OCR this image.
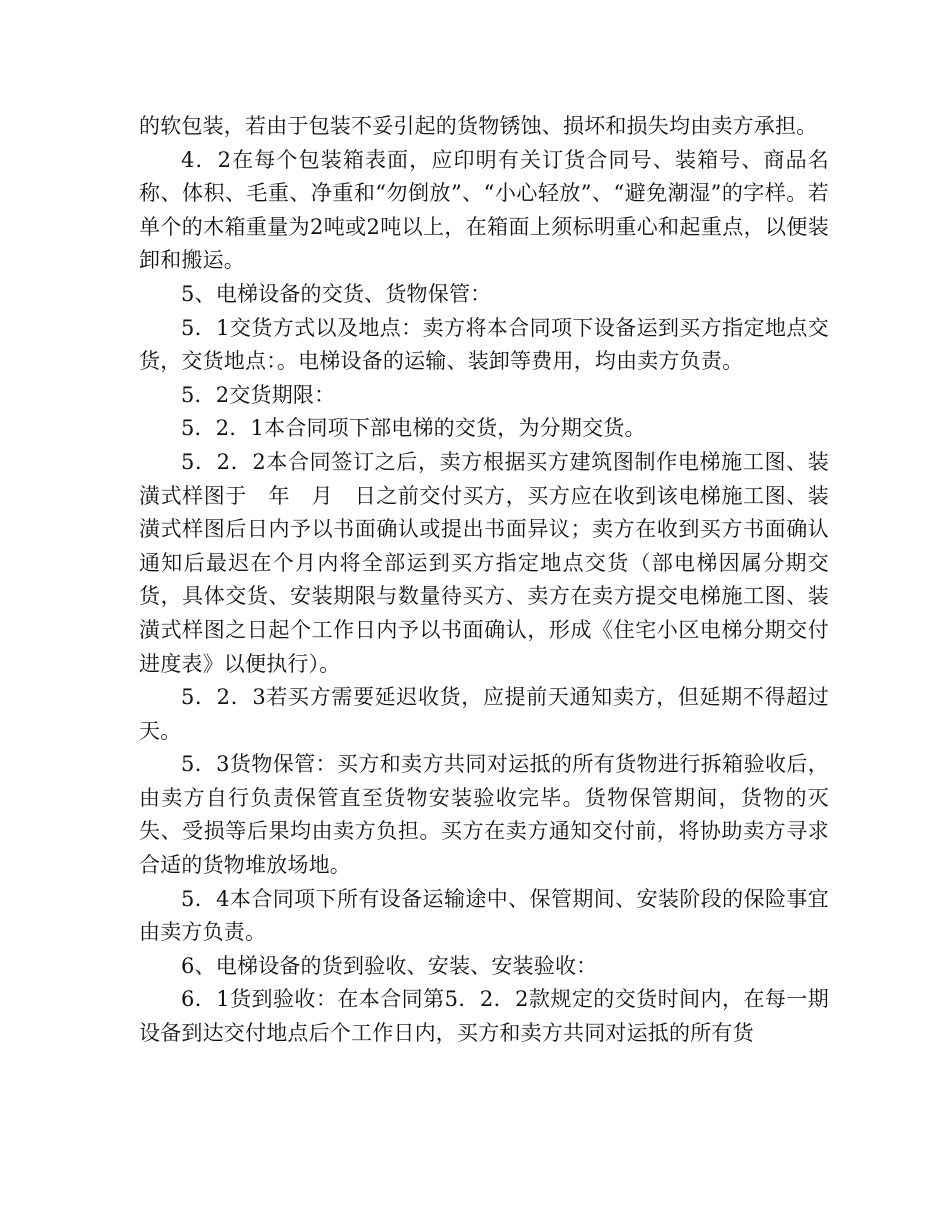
的软包装，若由于包装不妥引起的货物锈蚀、损坏和损失均由卖方承担。

4．2在每个包装箱表面，应印明有关订货合同号、装箱号、商品名称、体积、毛重、净重和“勿倒放”、“小心轻放”、“避免潮湿”的字样。若单个的木箱重量为2吨或2吨以上，在箱面上须标明重心和起重点，以便装卸和搬运。

5、电梯设备的交货、货物保管：

5．1交货方式以及地点：卖方将本合同项下设备运到买方指定地点交货，交货地点：。电梯设备的运输、装卸等费用，均由卖方负责。

5．2交货期限：

5．2．1本合同项下部电梯的交货，为分期交货。

5．2．2本合同签订之后，卖方根据买方建筑图制作电梯施工图、装潢式样图于　年　月　日之前交付买方，买方应在收到该电梯施工图、装潢式样图后日内予以书面确认或提出书面异议；卖方在收到买方书面确认通知后最迟在个月内将全部运到买方指定地点交货（部电梯因属分期交货，具体交货、安装期限与数量待买方、卖方在卖方提交电梯施工图、装潢式样图之日起个工作日内予以书面确认，形成《住宅小区电梯分期交付进度表》以便执行）。

5．2．3若买方需要延迟收货，应提前天通知卖方，但延期不得超过天。

5．3货物保管：买方和卖方共同对运抵的所有货物进行拆箱验收后，由卖方自行负责保管直至货物安装验收完毕。货物保管期间，货物的灭失、受损等后果均由卖方负担。买方在卖方通知交付前，将协助卖方寻求合适的货物堆放场地。

5．4本合同项下所有设备运输途中、保管期间、安装阶段的保险事宜由卖方负责。

6、电梯设备的货到验收、安装、安装验收：

6．1货到验收：在本合同第5．2．2款规定的交货时间内，在每一期设备到达交付地点后个工作日内，买方和卖方共同对运抵的所有货
